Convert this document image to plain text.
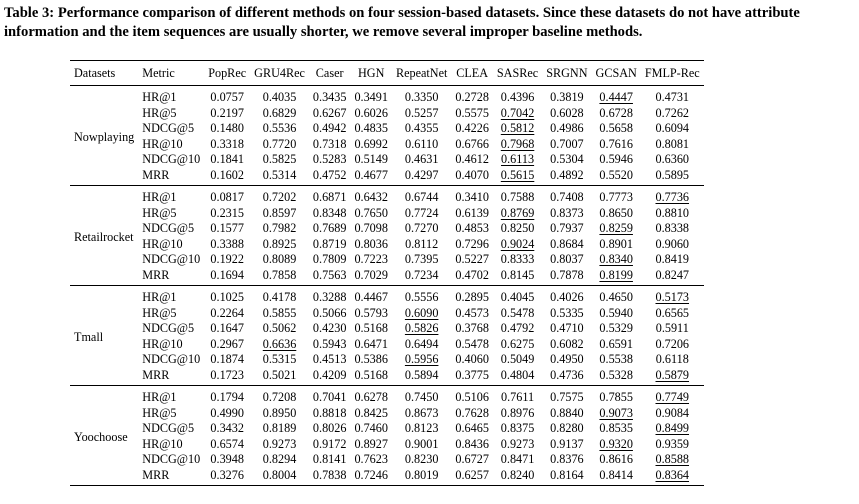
Table 3: Performance comparison of different methods on four session-based datasets. Since these datasets do not have attribute
information and the item sequences are usually shorter, we remove several improper baseline methods.
Datasets	Metric	PopRec	GRU4Rec	Caser	HGN	RepeatNet	CLEA	SASRec	SRGNN	GCSAN	FMLP-Rec
Nowplaying	HR@1	0.0757	0.4035	0.3435	0.3491	0.3350	0.2728	0.4396	0.3819	0.4447	0.4731
	HR@5	0.2197	0.6829	0.6267	0.6026	0.5257	0.5575	0.7042	0.6028	0.6728	0.7262
	NDCG@5	0.1480	0.5536	0.4942	0.4835	0.4355	0.4226	0.5812	0.4986	0.5658	0.6094
	HR@10	0.3318	0.7720	0.7318	0.6992	0.6110	0.6766	0.7968	0.7007	0.7616	0.8081
	NDCG@10	0.1841	0.5825	0.5283	0.5149	0.4631	0.4612	0.6113	0.5304	0.5946	0.6360
	MRR	0.1602	0.5314	0.4752	0.4677	0.4297	0.4070	0.5615	0.4892	0.5520	0.5895
Retailrocket	HR@1	0.0817	0.7202	0.6871	0.6432	0.6744	0.3410	0.7588	0.7408	0.7773	0.7736
	HR@5	0.2315	0.8597	0.8348	0.7650	0.7724	0.6139	0.8769	0.8373	0.8650	0.8810
	NDCG@5	0.1577	0.7982	0.7689	0.7098	0.7270	0.4853	0.8250	0.7937	0.8259	0.8338
	HR@10	0.3388	0.8925	0.8719	0.8036	0.8112	0.7296	0.9024	0.8684	0.8901	0.9060
	NDCG@10	0.1922	0.8089	0.7809	0.7223	0.7395	0.5227	0.8333	0.8037	0.8340	0.8419
	MRR	0.1694	0.7858	0.7563	0.7029	0.7234	0.4702	0.8145	0.7878	0.8199	0.8247
Tmall	HR@1	0.1025	0.4178	0.3288	0.4467	0.5556	0.2895	0.4045	0.4026	0.4650	0.5173
	HR@5	0.2264	0.5855	0.5066	0.5793	0.6090	0.4573	0.5478	0.5335	0.5940	0.6565
	NDCG@5	0.1647	0.5062	0.4230	0.5168	0.5826	0.3768	0.4792	0.4710	0.5329	0.5911
	HR@10	0.2967	0.6636	0.5943	0.6471	0.6494	0.5478	0.6275	0.6082	0.6591	0.7206
	NDCG@10	0.1874	0.5315	0.4513	0.5386	0.5956	0.4060	0.5049	0.4950	0.5538	0.6118
	MRR	0.1723	0.5021	0.4209	0.5168	0.5894	0.3775	0.4804	0.4736	0.5328	0.5879
Yoochoose	HR@1	0.1794	0.7208	0.7041	0.6278	0.7450	0.5106	0.7611	0.7575	0.7855	0.7749
	HR@5	0.4990	0.8950	0.8818	0.8425	0.8673	0.7628	0.8976	0.8840	0.9073	0.9084
	NDCG@5	0.3432	0.8189	0.8026	0.7460	0.8123	0.6465	0.8375	0.8280	0.8535	0.8499
	HR@10	0.6574	0.9273	0.9172	0.8927	0.9001	0.8436	0.9273	0.9137	0.9320	0.9359
	NDCG@10	0.3948	0.8294	0.8141	0.7623	0.8230	0.6727	0.8471	0.8376	0.8616	0.8588
	MRR	0.3276	0.8004	0.7838	0.7246	0.8019	0.6257	0.8240	0.8164	0.8414	0.8364
